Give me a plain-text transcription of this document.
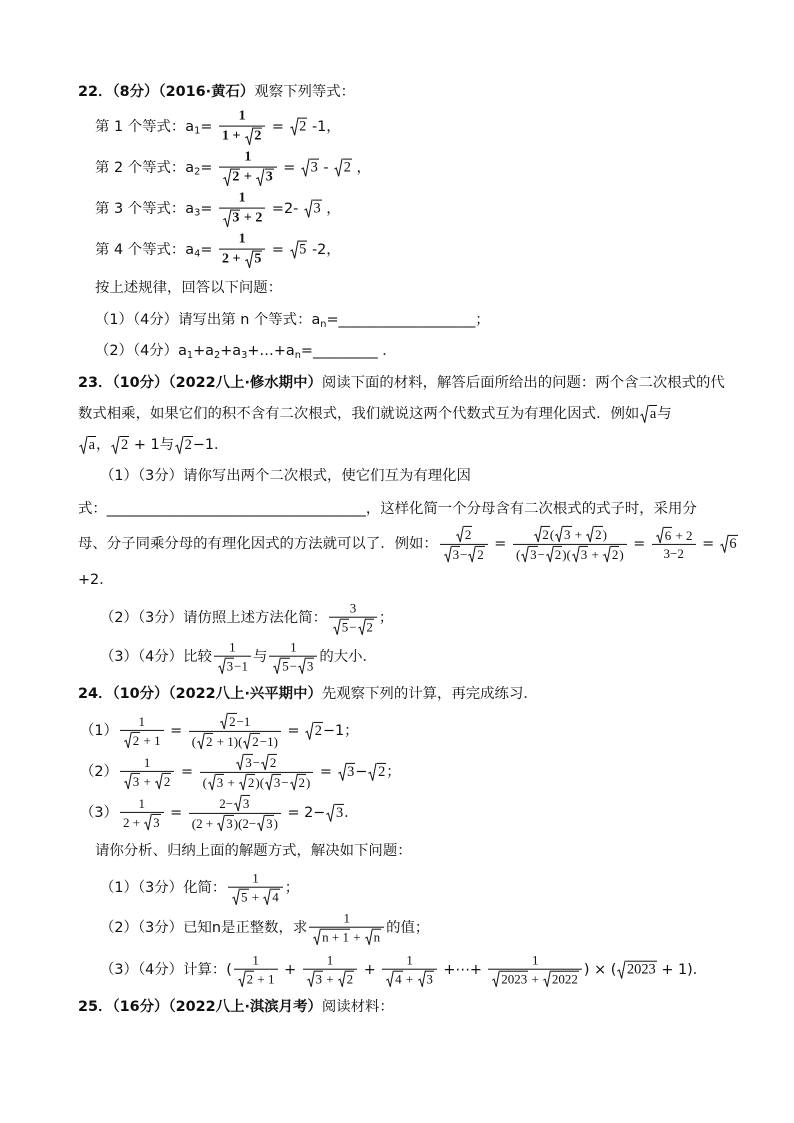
22．（8分）（2016·黄石）观察下列等式：
第 1 个等式：$a_1= 1$
1 +
2 =
2 -1，
第 2 个等式：$a_2= 1$
2 +
3 =
3 -
2 ，
第 3 个等式：$a_3= \frac{1}{3 + 2} =2-$
3 ，
第 4 个等式：$a_4= 1$
2 +
5 =
5 -2，
按上述规律，回答以下问题：
（1）（4分）请写出第 n 个等式：$a_n=\_\_\_\_\_\_\_\_\_\_\_\_\_\_\_\_\_\_\_$；
（2）（4分）$a_1+a_2+a_3+\dots+a_n=\_\_\_\_\_\_\_\_\_$ ．
23．（10分）（2022八上·修水期中）阅读下面的材料，解答后面所给出的问题：两个含二次根式的代
数式相乘，如果它们的积不含有二次根式，我们就说这两个代数式互为有理化因式．例如 a与
a， 2 + 1与 2−1．
（1）（3分）请你写出两个二次根式，使它们互为有理化因
式：____________________________________，这样化简一个分母含有二次根式的式子时，采用分
母、分子同乘分母的有理化因式的方法就可以了．例如： $\frac{2}{3- 2} = 2$( 3 +
2)
( 3− 2)( 3 +
$2) = \frac{6 + 2}{3-2}$ =
6
+2．
（2）（3分）请仿照上述方法化简： $\frac{3}{5- 2}$ ；
（3）（4分）比较 $\frac{1}{3-1}$ 与 $\frac{1}{5- 3}$ 的大小．
24．（10分）（2022八上·兴平期中）先观察下列的计算，再完成练习．
$(1) \frac{1}{2 + 1} = \frac{2-1}{( 2 + 1)( 2-1)}$ =
2−1；
（2） 1
3 +
2 = 3− 2
( 3 +
2)( 3− 2) =
3− 2；
（3） 1
2 +
3 = 2− 3
(2 +
3)(2− 3) = 2− 3．
请你分析、归纳上面的解题方式，解决如下问题：
（1）（3分）化简： 1
5 +
4 ；
（2）（3分）已知n是正整数，求 1
n + 1 +
n 的值；
（3）（4分）计算：( $\frac{1}{2 + 1} + 1$
3 +
2 + 1
4 +
3 +⋯+ 1
2023 +
2022 ) × ( 2023 + 1)．
25．（16分）（2022八上·淇滨月考）阅读材料：
